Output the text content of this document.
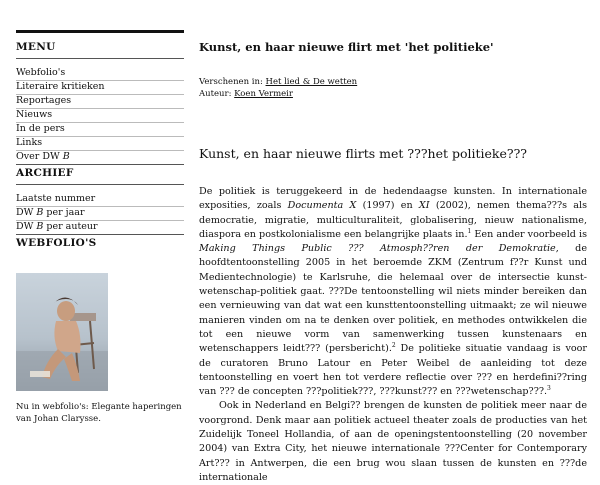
MENU
Webfolio's
Literaire kritieken
Reportages
Nieuws
In de pers
Links
Over DW B
ARCHIEF
Laatste nummer
DW B per jaar
DW B per auteur
WEBFOLIO'S
Nu in webfolio's: Elegante haperingen van Johan Clarysse.
Kunst, en haar nieuwe flirt met 'het politieke'
Verschenen in: Het lied & De wetten
Auteur: Koen Vermeir
Kunst, en haar nieuwe flirts met ???het politieke???

De politiek is teruggekeerd in de hedendaagse kunsten. In internationale exposities, zoals Documenta X (1997) en XI (2002), nemen thema???s als democratie, migratie, multiculturaliteit, globalisering, nieuw nationalisme, diaspora en postkolonialisme een belangrijke plaats in.$^1$ Een ander voorbeeld is Making Things Public ??? Atmosph??ren der Demokratie, de hoofdtentoonstelling 2005 in het beroemde ZKM (Zentrum f??r Kunst und Medientechnologie) te Karlsruhe, die helemaal over de intersectie kunst-wetenschap-politiek gaat. ???De tentoonstelling wil niets minder bereiken dan een vernieuwing van dat wat een kunsttentoonstelling uitmaakt; ze wil nieuwe manieren vinden om na te denken over politiek, en methodes ontwikkelen die tot een nieuwe vorm van samenwerking tussen kunstenaars en wetenschappers leidt??? (persbericht).$^2$ De politieke situatie vandaag is voor de curatoren Bruno Latour en Peter Weibel de aanleiding tot deze tentoonstelling en voert hen tot verdere reflectie over ??? en herdefini??ring van ??? de concepten ???politiek???, ???kunst??? en ???wetenschap???.$^3$

Ook in Nederland en Belgi?? brengen de kunsten de politiek meer naar de voorgrond. Denk maar aan politiek actueel theater zoals de producties van het Zuidelijk Toneel Hollandia, of aan de openingstentoonstelling (20 november 2004) van Extra City, het nieuwe internationale ???Center for Contemporary Art??? in Antwerpen, die een brug wou slaan tussen de kunsten en ???de internationale
